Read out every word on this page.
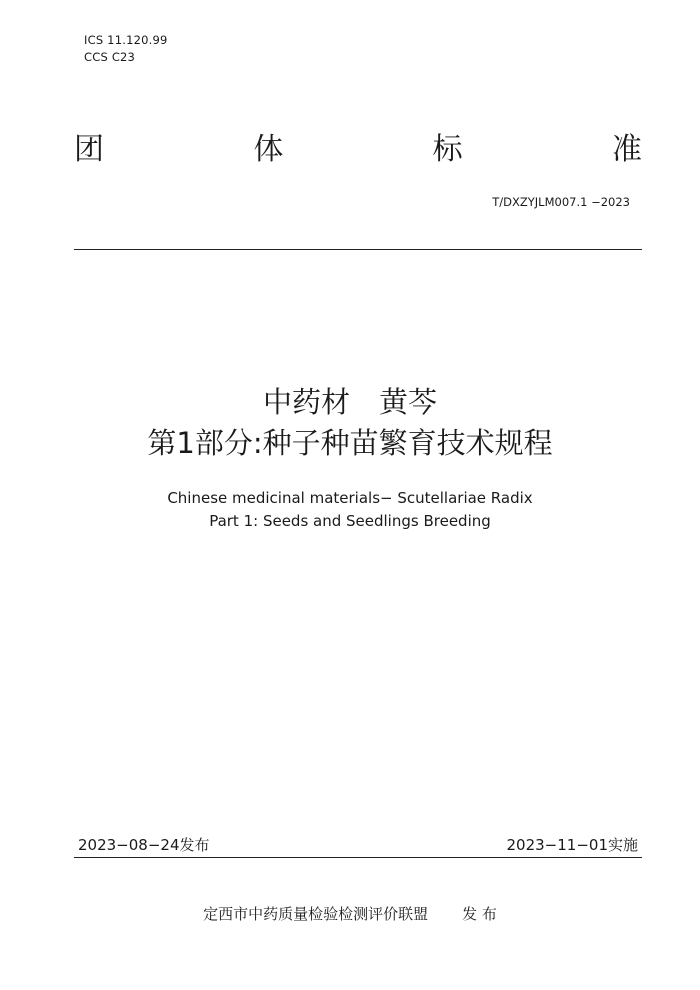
ICS 11.120.99
CCS C23
团	体	标	准
T/DXZYJLM007.1 −2023
中药材　黄芩
第1部分:种子种苗繁育技术规程
Chinese medicinal materials− Scutellariae Radix
Part 1: Seeds and Seedlings Breeding
2023−08−24发布	2023−11−01实施
定西市中药质量检验检测评价联盟 发 布
